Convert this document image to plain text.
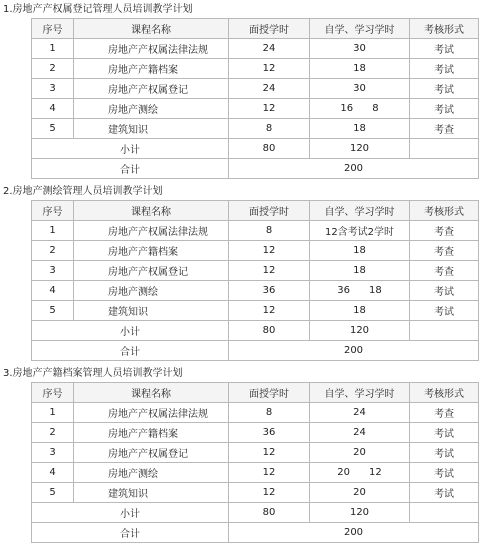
1.房地产产权属登记管理人员培训教学计划
序号	课程名称	面授学时	自学、学习学时	考核形式
1	房地产产权属法律法规	24	30	考试
2	房地产产籍档案	12	18	考试
3	房地产产权属登记	24	30	考试
4	房地产测绘	12	16      8	考试
5	建筑知识	8	18	考查
小计		80	120	
合计		200		
2.房地产测绘管理人员培训教学计划
序号	课程名称	面授学时	自学、学习学时	考核形式
1	房地产产权属法律法规	8	12含考试2学时	考查
2	房地产产籍档案	12	18	考查
3	房地产产权属登记	12	18	考查
4	房地产测绘	36	36      18	考试
5	建筑知识	12	18	考试
小计		80	120	
合计		200		
3.房地产产籍档案管理人员培训教学计划
序号	课程名称	面授学时	自学、学习学时	考核形式
1	房地产产权属法律法规	8	24	考查
2	房地产产籍档案	36	24	考试
3	房地产产权属登记	12	20	考试
4	房地产测绘	12	20      12	考试
5	建筑知识	12	20	考试
小计		80	120	
合计		200		
